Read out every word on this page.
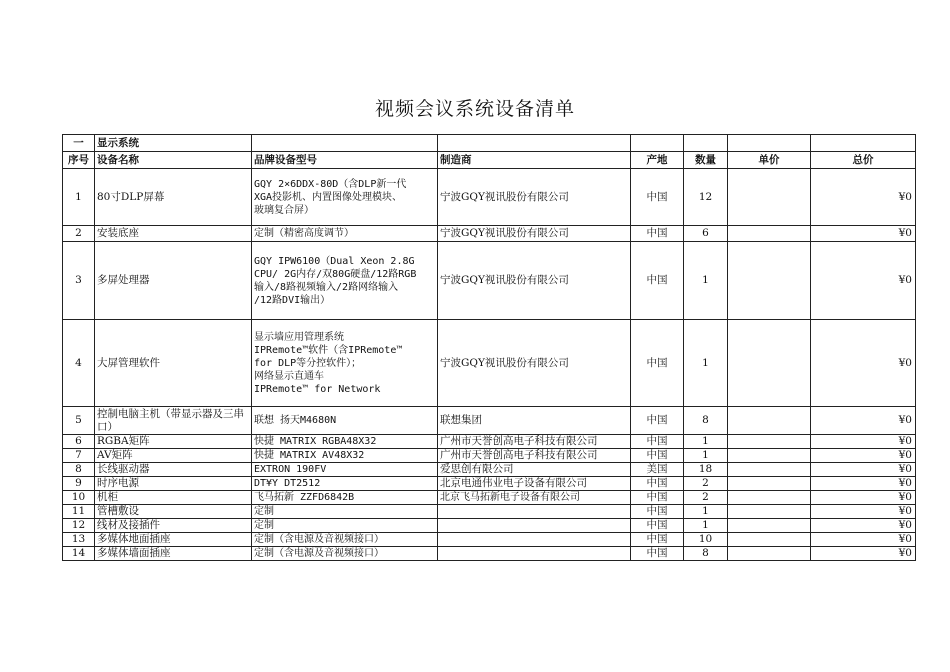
视频会议系统设备清单
一	显示系统						
序号	设备名称	品牌设备型号	制造商	产地	数量	单价	总价
1	80寸DLP屏幕	GQY 2×6DDX-80D（含DLP新一代
XGA投影机、内置图像处理模块、
玻璃复合屏）	宁波GQY视讯股份有限公司	中国	12		¥0
2	安装底座	定制（精密高度调节）	宁波GQY视讯股份有限公司	中国	6		¥0
3	多屏处理器	GQY IPW6100（Dual Xeon 2.8G
CPU/ 2G内存/双80G硬盘/12路RGB
输入/8路视频输入/2路网络输入
/12路DVI输出）	宁波GQY视讯股份有限公司	中国	1		¥0
4	大屏管理软件	显示墙应用管理系统
IPRemote™软件（含IPRemote™
for DLP等分控软件）；
网络显示直通车
IPRemote™ for Network	宁波GQY视讯股份有限公司	中国	1		¥0
5	控制电脑主机（带显示器及三串口）	联想 扬天M4680N	联想集团	中国	8		¥0
6	RGBA矩阵	快捷 MATRIX RGBA48X32	广州市天誉创高电子科技有限公司	中国	1		¥0
7	AV矩阵	快捷 MATRIX AV48X32	广州市天誉创高电子科技有限公司	中国	1		¥0
8	长线驱动器	EXTRON 190FV	爱思创有限公司	美国	18		¥0
9	时序电源	DT¥Y DT2512	北京电通伟业电子设备有限公司	中国	2		¥0
10	机柜	飞马拓新 ZZFD6842B	北京飞马拓新电子设备有限公司	中国	2		¥0
11	管槽敷设	定制		中国	1		¥0
12	线材及接插件	定制		中国	1		¥0
13	多媒体地面插座	定制（含电源及音视频接口）		中国	10		¥0
14	多媒体墙面插座	定制（含电源及音视频接口）		中国	8		¥0
